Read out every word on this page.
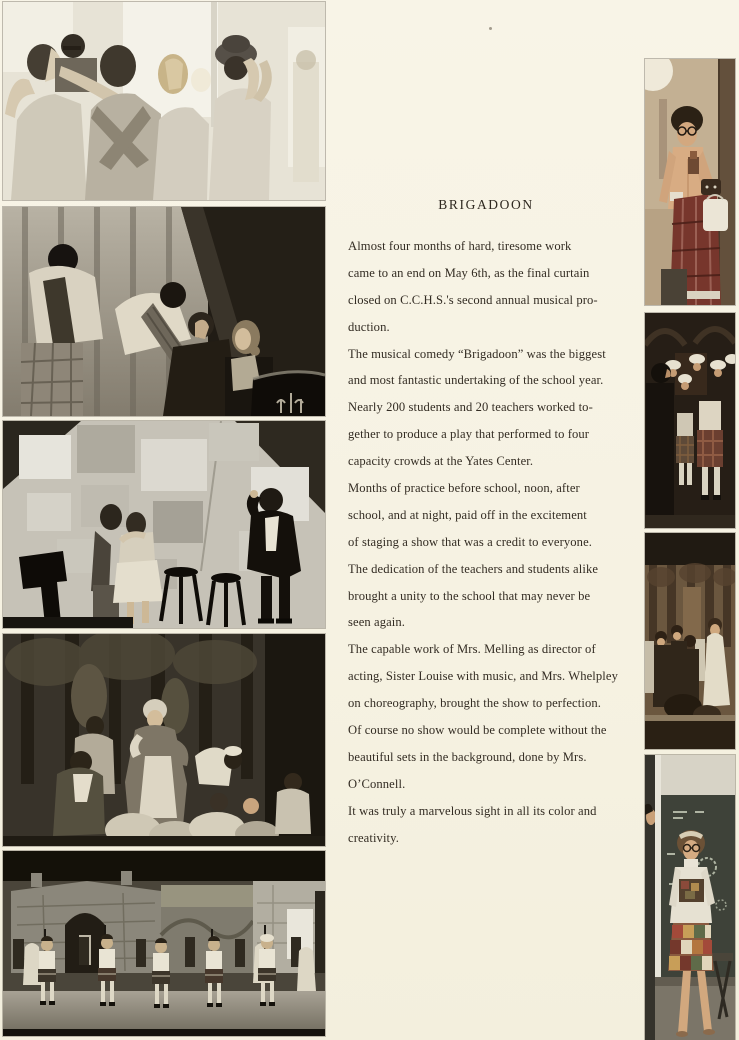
BRIGADOON
Almost four months of hard, tiresome work
came to an end on May 6th, as the final curtain
closed on C.C.H.S.'s second annual musical pro-
duction.
The musical comedy “Brigadoon” was the biggest
and most fantastic undertaking of the school year.
Nearly 200 students and 20 teachers worked to-
gether to produce a play that performed to four
capacity crowds at the Yates Center.
Months of practice before school, noon, after
school, and at night, paid off in the excitement
of staging a show that was a credit to everyone.
The dedication of the teachers and students alike
brought a unity to the school that may never be
seen again.
The capable work of Mrs. Melling as director of
acting, Sister Louise with music, and Mrs. Whelpley
on choreography, brought the show to perfection.
Of course no show would be complete without the
beautiful sets in the background, done by Mrs.
O’Connell.
It was truly a marvelous sight in all its color and
creativity.
